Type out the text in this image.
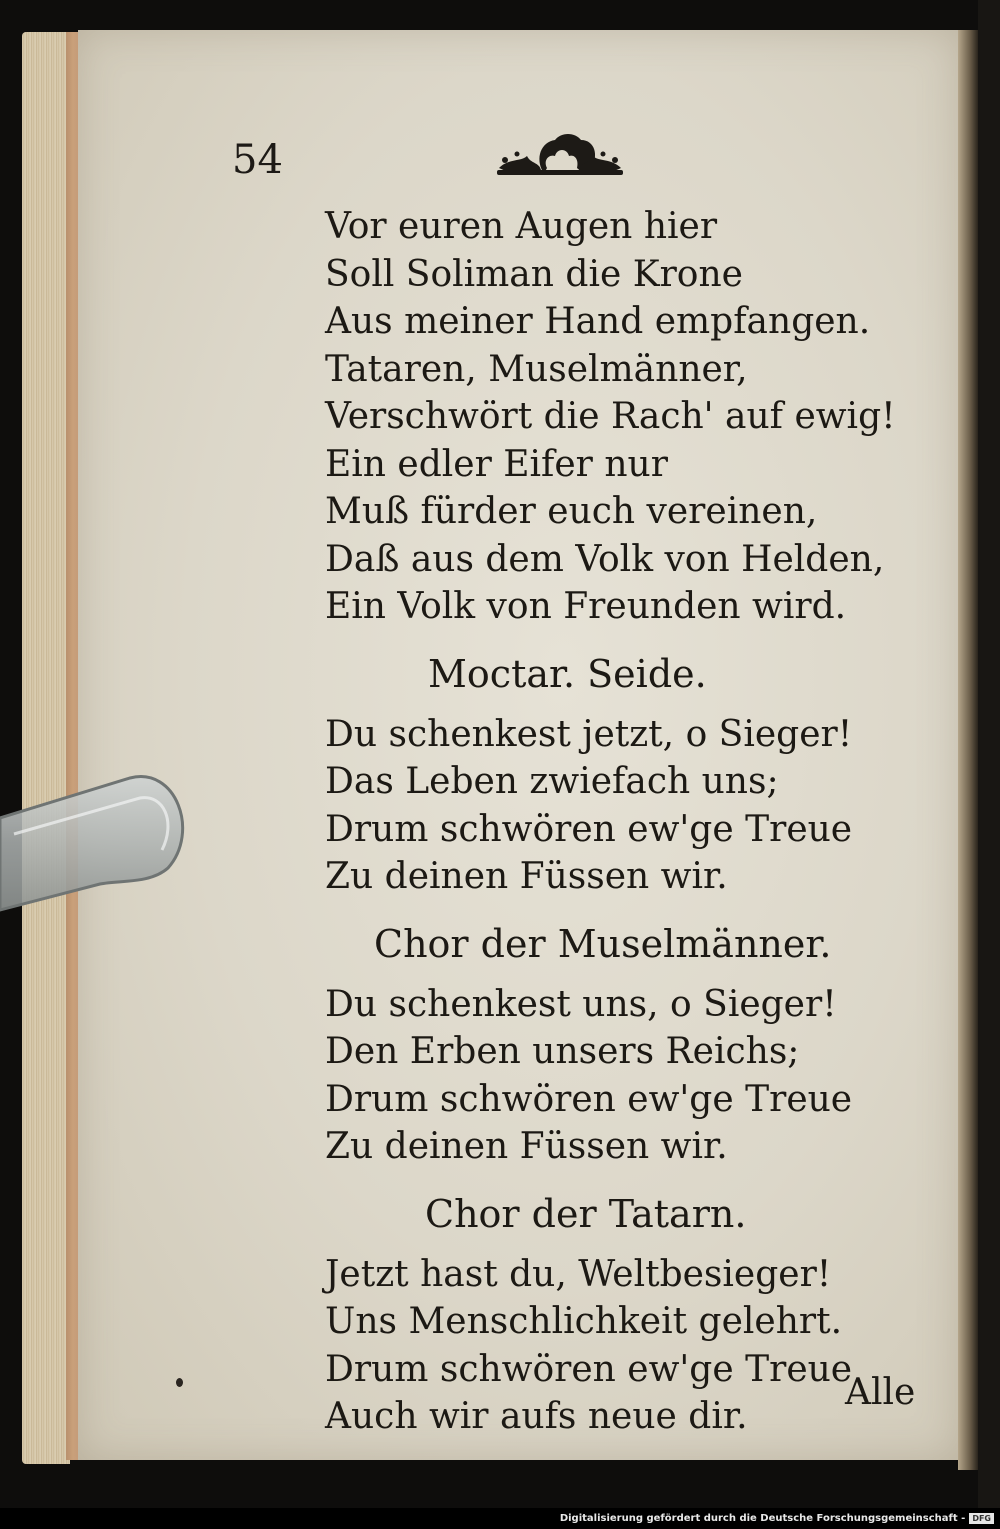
54
Vor euren Augen hier
Soll Soliman die Krone
Aus meiner Hand empfangen.
Tataren, Muselmänner,
Verschwört die Rach' auf ewig!
Ein edler Eifer nur
Muß fürder euch vereinen,
Daß aus dem Volk von Helden,
Ein Volk von Freunden wird.
Moctar. Seide.
Du schenkest jetzt, o Sieger!
Das Leben zwiefach uns;
Drum schwören ew'ge Treue
Zu deinen Füssen wir.
Chor der Muselmänner.
Du schenkest uns, o Sieger!
Den Erben unsers Reichs;
Drum schwören ew'ge Treue
Zu deinen Füssen wir.
Chor der Tatarn.
Jetzt hast du, Weltbesieger!
Uns Menschlichkeit gelehrt.
Drum schwören ew'ge Treue
Auch wir aufs neue dir.
Alle
Digitalisierung gefördert durch die Deutsche Forschungsgemeinschaft - DFG
